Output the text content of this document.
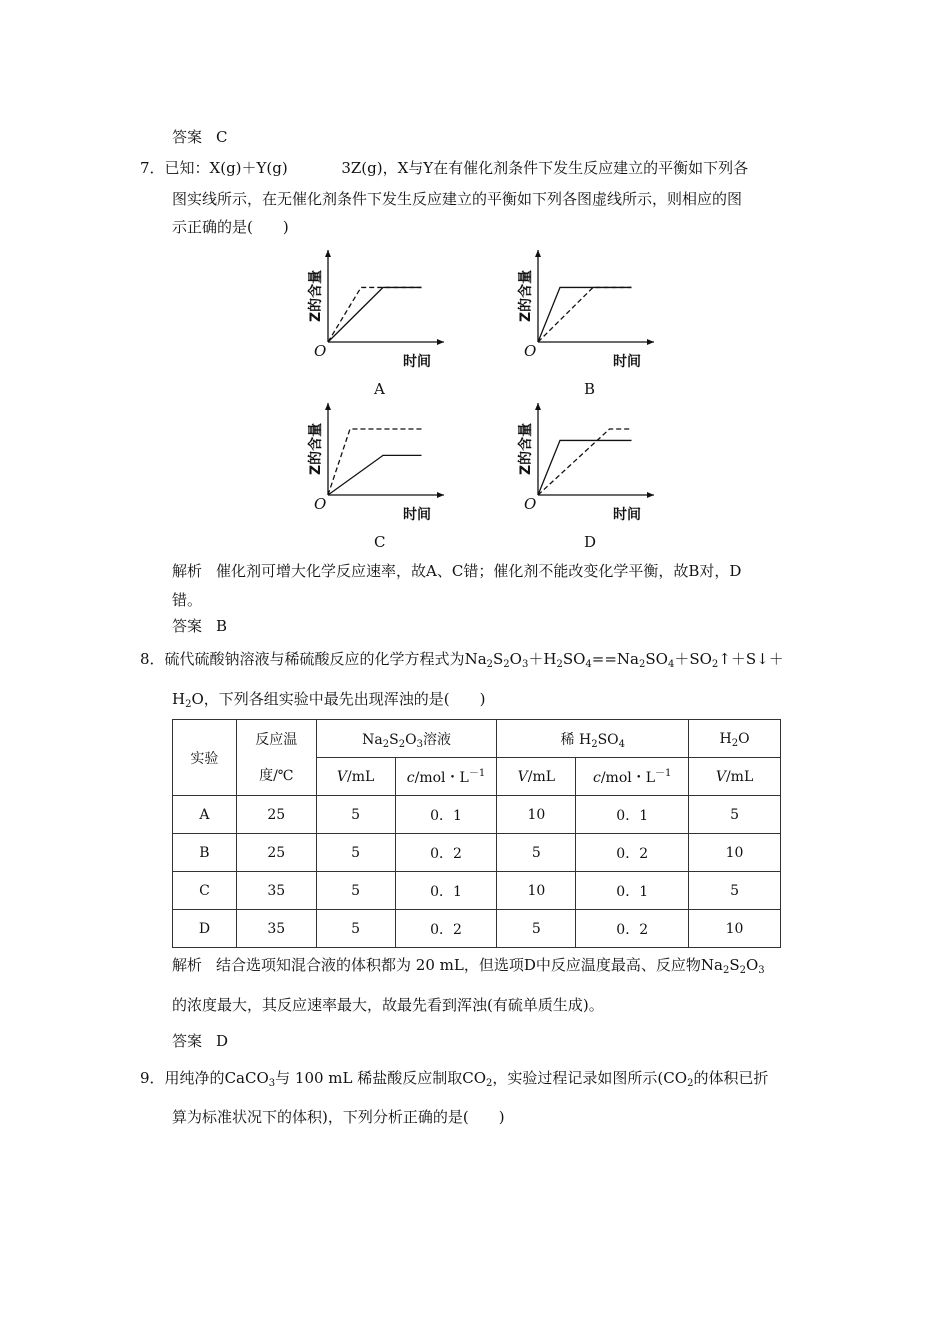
答案 C
7．已知：X(g)＋Y(g)	3Z(g)，X与Y在有催化剂条件下发生反应建立的平衡如下列各
图实线所示，在无催化剂条件下发生反应建立的平衡如下列各图虚线所示，则相应的图
示正确的是(　　)
Z的含量
O
时间
A
Z的含量
O
时间
B
Z的含量
O
时间
C
Z的含量
O
时间
D
解析 催化剂可增大化学反应速率，故A、C错；催化剂不能改变化学平衡，故B对，D
错。
答案 B
8．硫代硫酸钠溶液与稀硫酸反应的化学方程式为$Na_2S_2O_3+H_2SO_4==Na_2SO_4+SO_2↑+S↓+$
$H_2O$，下列各组实验中最先出现浑浊的是(　　)
实验	反应温
度/℃	$Na_2S_2O_3$溶液		稀 $H_2SO_4$		$H_2O$
		V/mL	c/mol・$L^{-1}$	V/mL	c/mol・$L^{-1}$	V/mL
A	25	5	0．1	10	0．1	5
B	25	5	0．2	5	0．2	10
C	35	5	0．1	10	0．1	5
D	35	5	0．2	5	0．2	10
解析 结合选项知混合液的体积都为 20 mL，但选项D中反应温度最高、反应物$Na_2S_2O_3$
的浓度最大，其反应速率最大，故最先看到浑浊(有硫单质生成)。
答案 D
9．用纯净的CaCO$_3$与 100 mL 稀盐酸反应制取$CO_2$，实验过程记录如图所示($CO_2$的体积已折
算为标准状况下的体积)，下列分析正确的是(　　)
